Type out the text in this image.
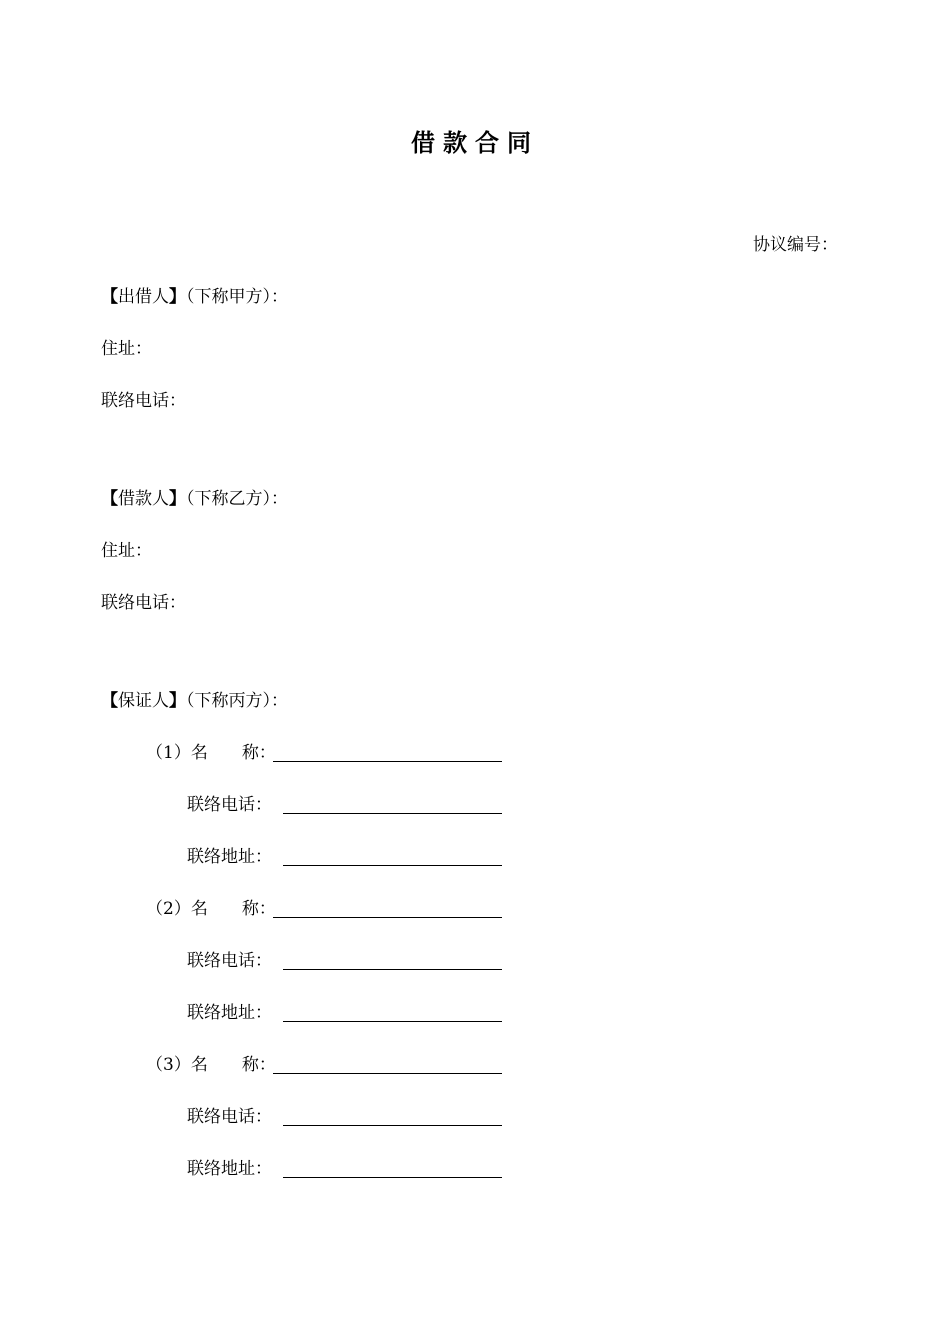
借款合同
协议编号：
【出借人】（下称甲方）：
住址：
联络电话：
【借款人】（下称乙方）：
住址：
联络电话：
【保证人】（下称丙方）：
（1）名　　称：
联络电话：
联络地址：
（2）名　　称：
联络电话：
联络地址：
（3）名　　称：
联络电话：
联络地址：
